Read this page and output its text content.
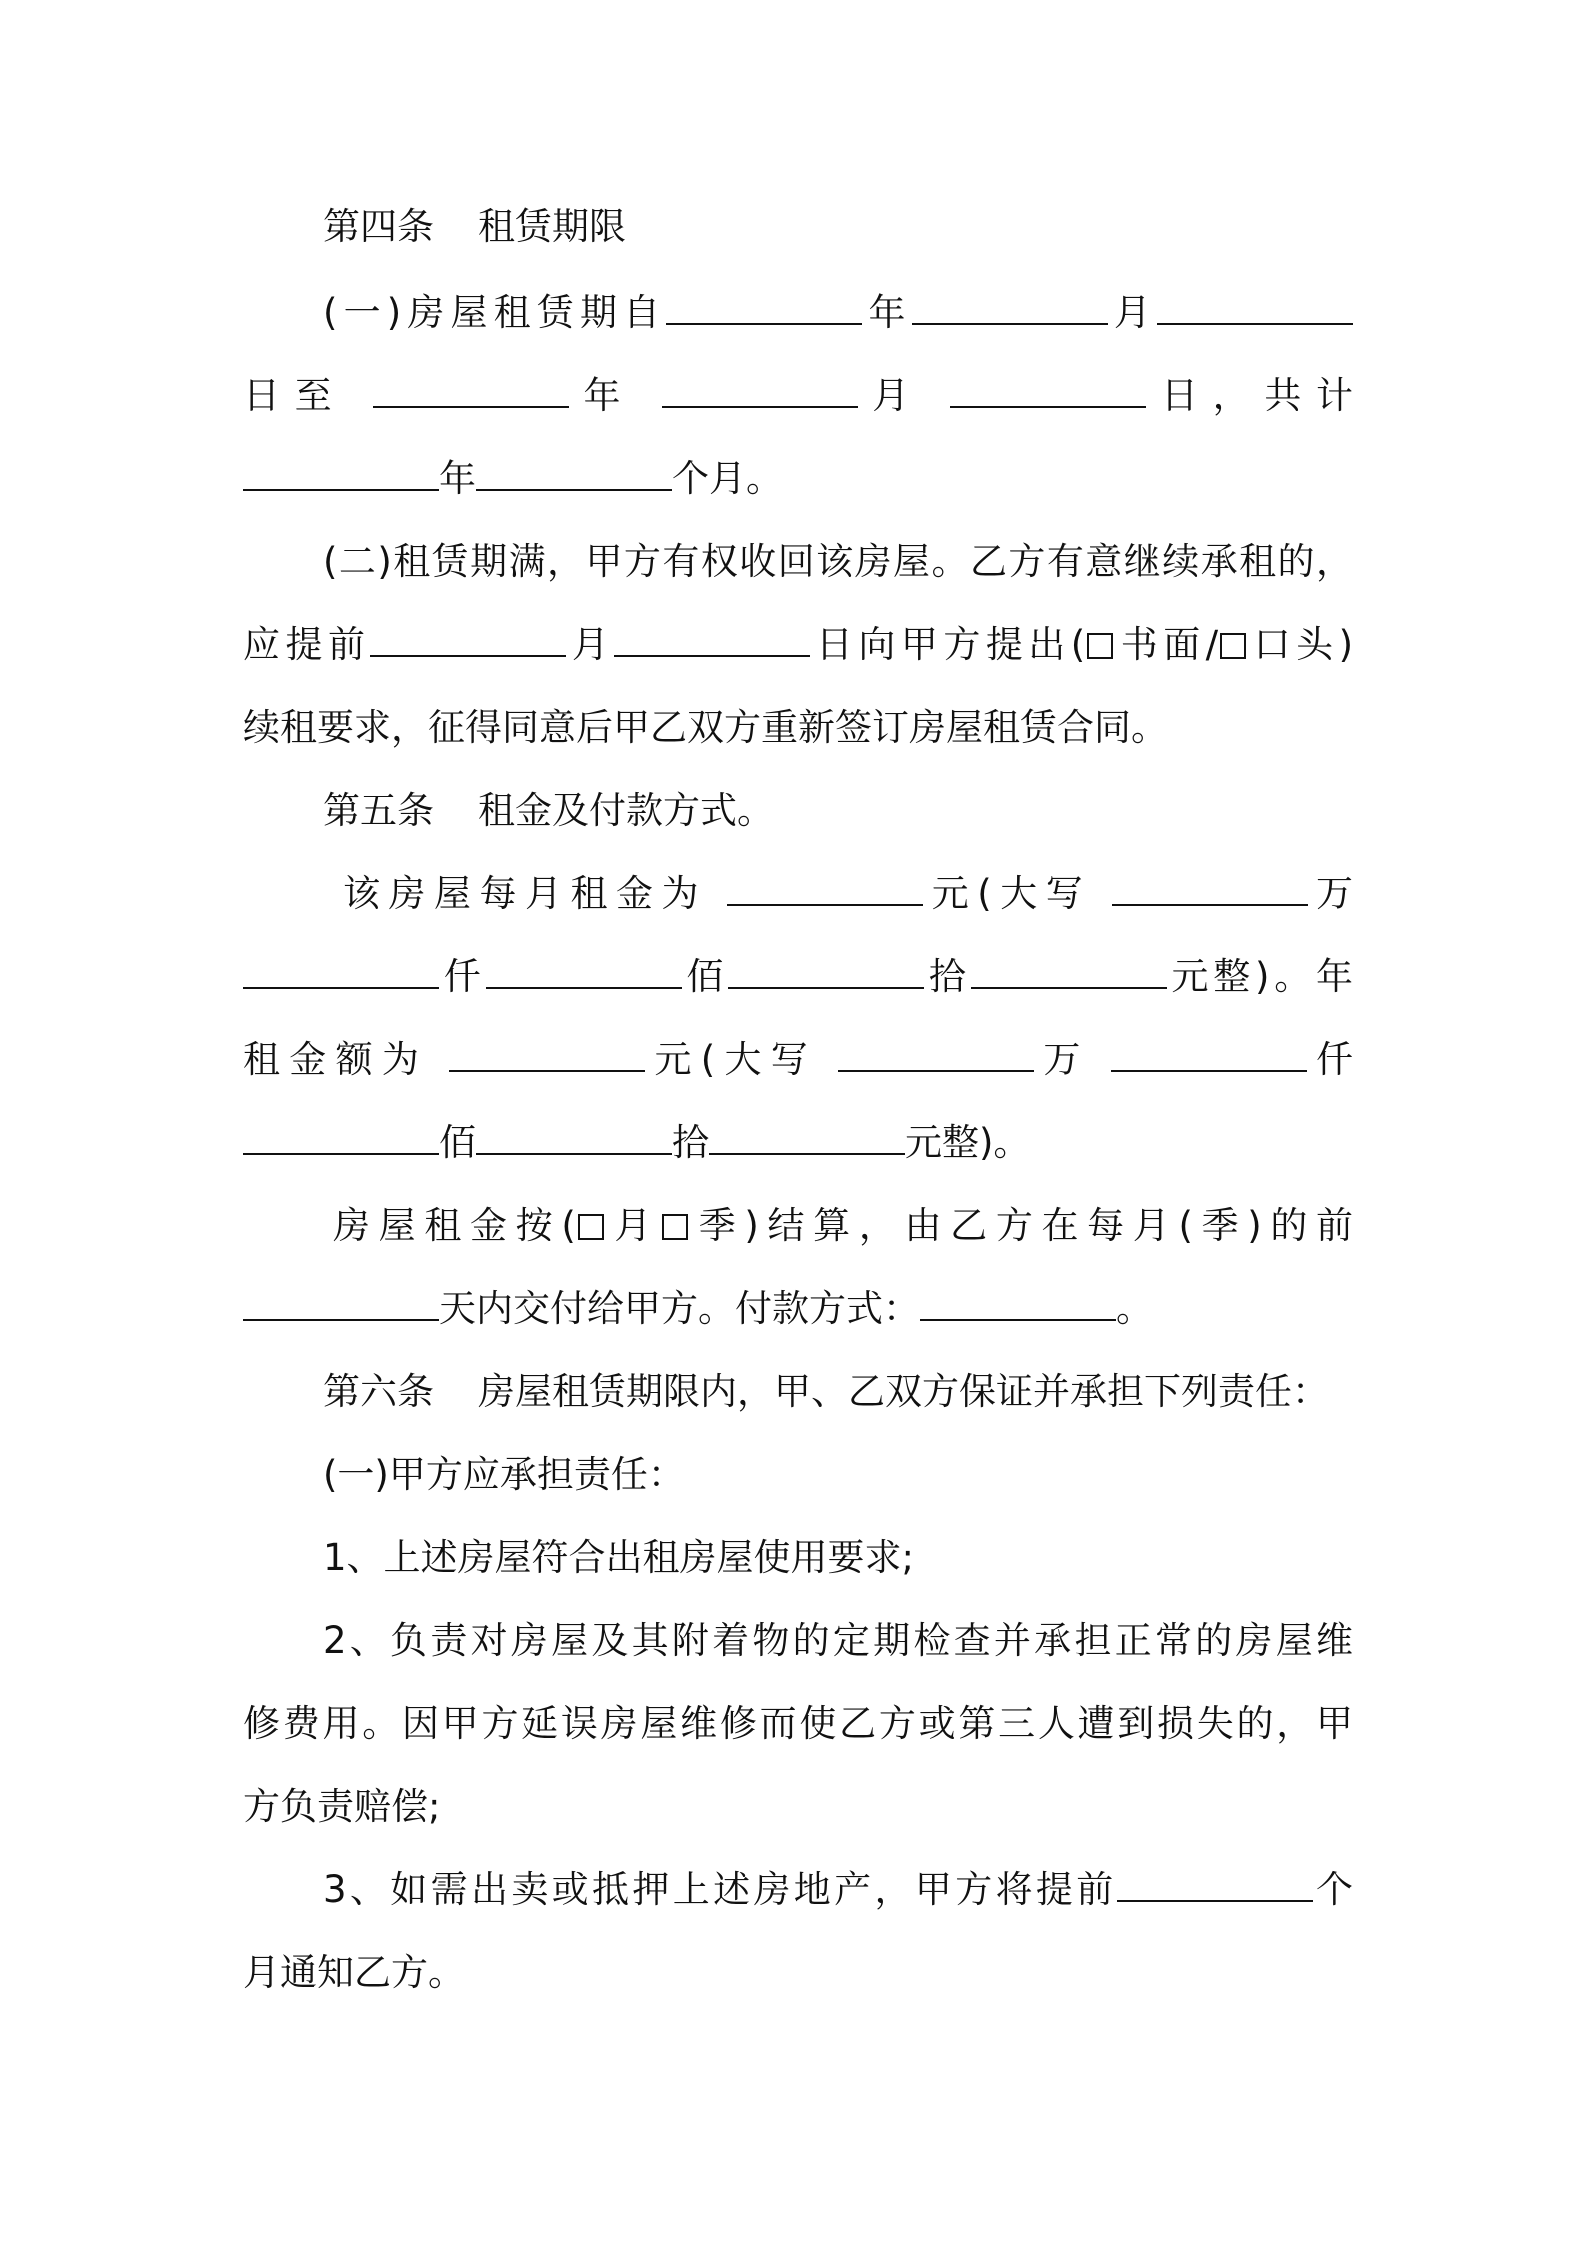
第四条 租赁期限
(一)房屋租赁期自	年	月
日至	年	月	日，共计
年	个月。
(二)租赁期满，甲方有权收回该房屋。乙方有意继续承租的，
应提前	月	日向甲方提出( 书面/ 口头)
续租要求，征得同意后甲乙双方重新签订房屋租赁合同。
第五条 租金及付款方式。
该房屋每月租金为	元(大写	万
仟	佰	拾	元整)。年
租金额为	元(大写	万	仟
佰	拾	元整)。
房屋租金按( 月 季)结算，由乙方在每月(季)的前
天内交付给甲方。付款方式：	。
第六条 房屋租赁期限内，甲、乙双方保证并承担下列责任：
(一)甲方应承担责任：
1、上述房屋符合出租房屋使用要求;
2、负责对房屋及其附着物的定期检查并承担正常的房屋维
修费用。因甲方延误房屋维修而使乙方或第三人遭到损失的，甲
方负责赔偿;
3、如需出卖或抵押上述房地产，甲方将提前	个
月通知乙方。
